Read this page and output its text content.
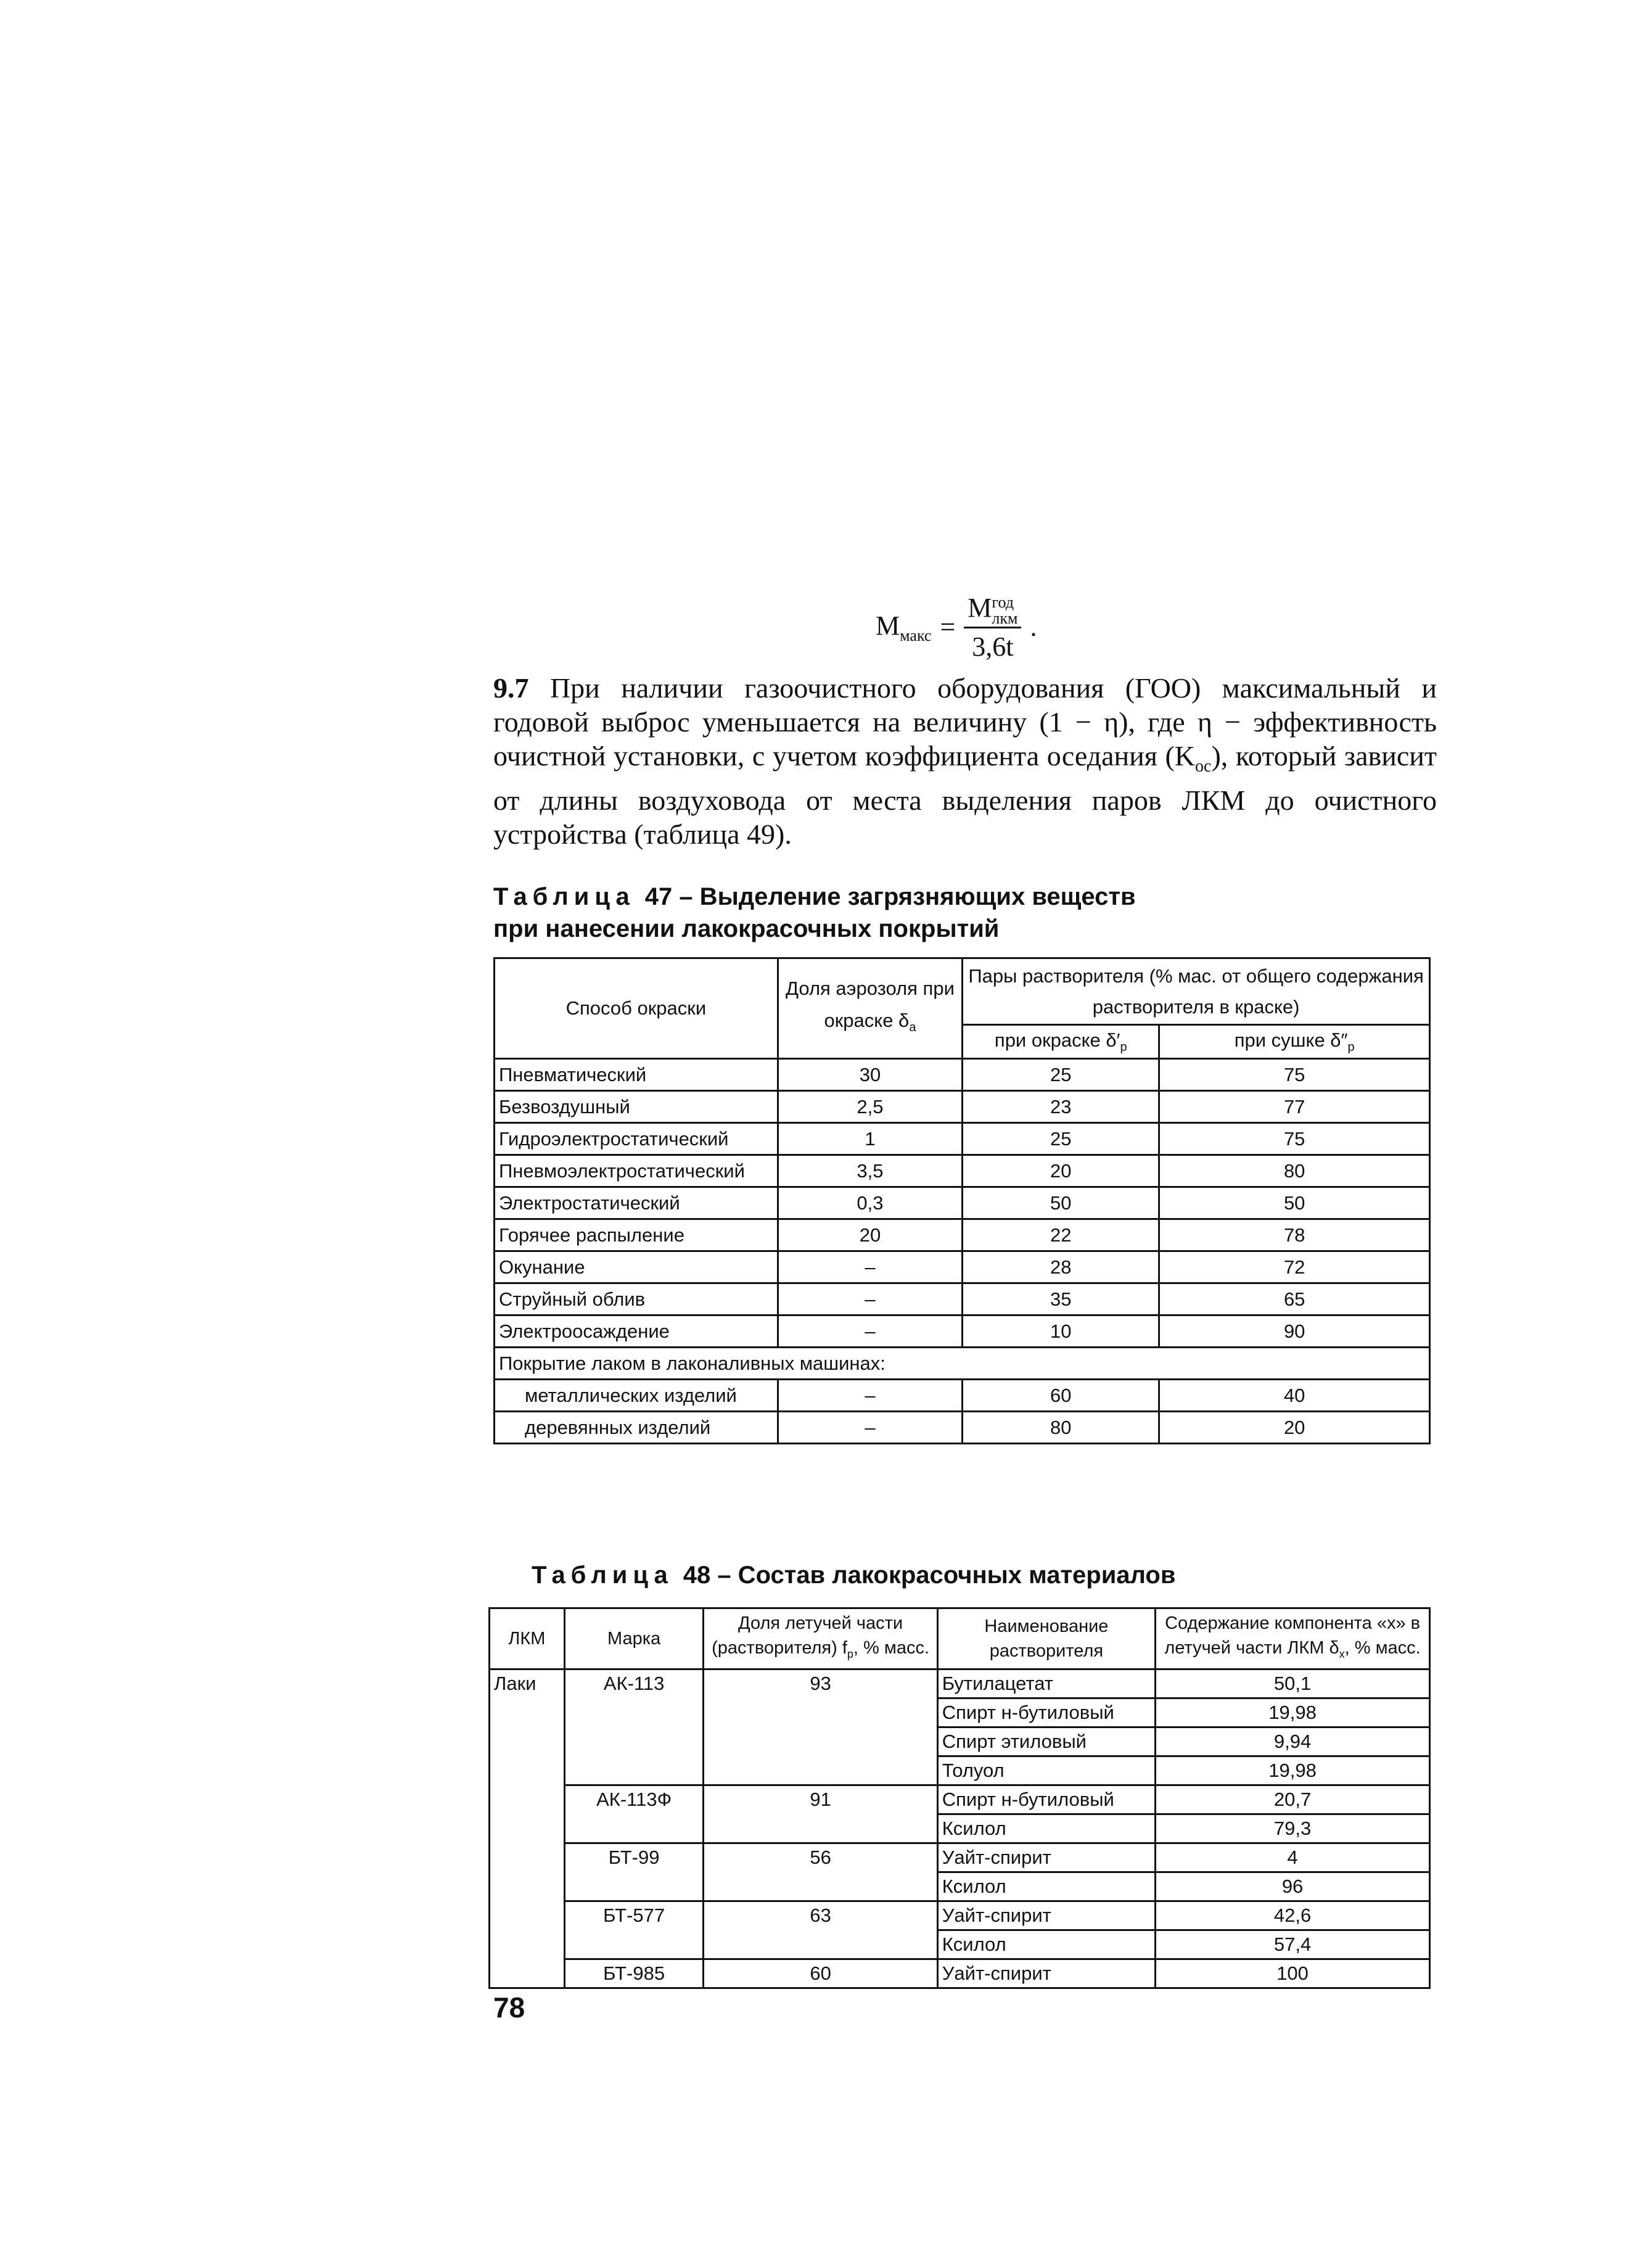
$M_{макс} = M$ год
лкм
3,6t .
9.7 При наличии газоочистного оборудования (ГОО) максимальный и годовой выброс уменьшается на величину (1 − η), где η − эффективность очистной установки, с учетом коэффициента оседания $(K_{oc})$, который зависит от длины воздуховода от места выделения паров ЛКМ до очистного устройства (таблица 49).
Таблица 47 – Выделение загрязняющих веществ
при нанесении лакокрасочных покрытий
Способ окраски	Доля аэрозоля при окраске $\delta_a$	Пары растворителя (% мас. от общего содержания растворителя в краске)	
		при окраске $\delta'_p$	при сушке $\delta''_p$
Пневматический	30	25	75
Безвоздушный	2,5	23	77
Гидроэлектростатический	1	25	75
Пневмоэлектростатический	3,5	20	80
Электростатический	0,3	50	50
Горячее распыление	20	22	78
Окунание	–	28	72
Струйный облив	–	35	65
Электроосаждение	–	10	90
Покрытие лаком в лаконаливных машинах:			
металлических изделий	–	60	40
деревянных изделий	–	80	20
Таблица 48 – Состав лакокрасочных материалов
ЛКМ	Марка	Доля летучей части (растворителя) $f_p$, % масс.	Наименование растворителя	Содержание компонента «x» в летучей части ЛКМ $\delta_x$, % масс.
Лаки	АК-113	93	Бутилацетат	50,1
			Спирт н-бутиловый	19,98
			Спирт этиловый	9,94
			Толуол	19,98
	АК-113Ф	91	Спирт н-бутиловый	20,7
			Ксилол	79,3
	БТ-99	56	Уайт-спирит	4
			Ксилол	96
	БТ-577	63	Уайт-спирит	42,6
			Ксилол	57,4
	БТ-985	60	Уайт-спирит	100
78
